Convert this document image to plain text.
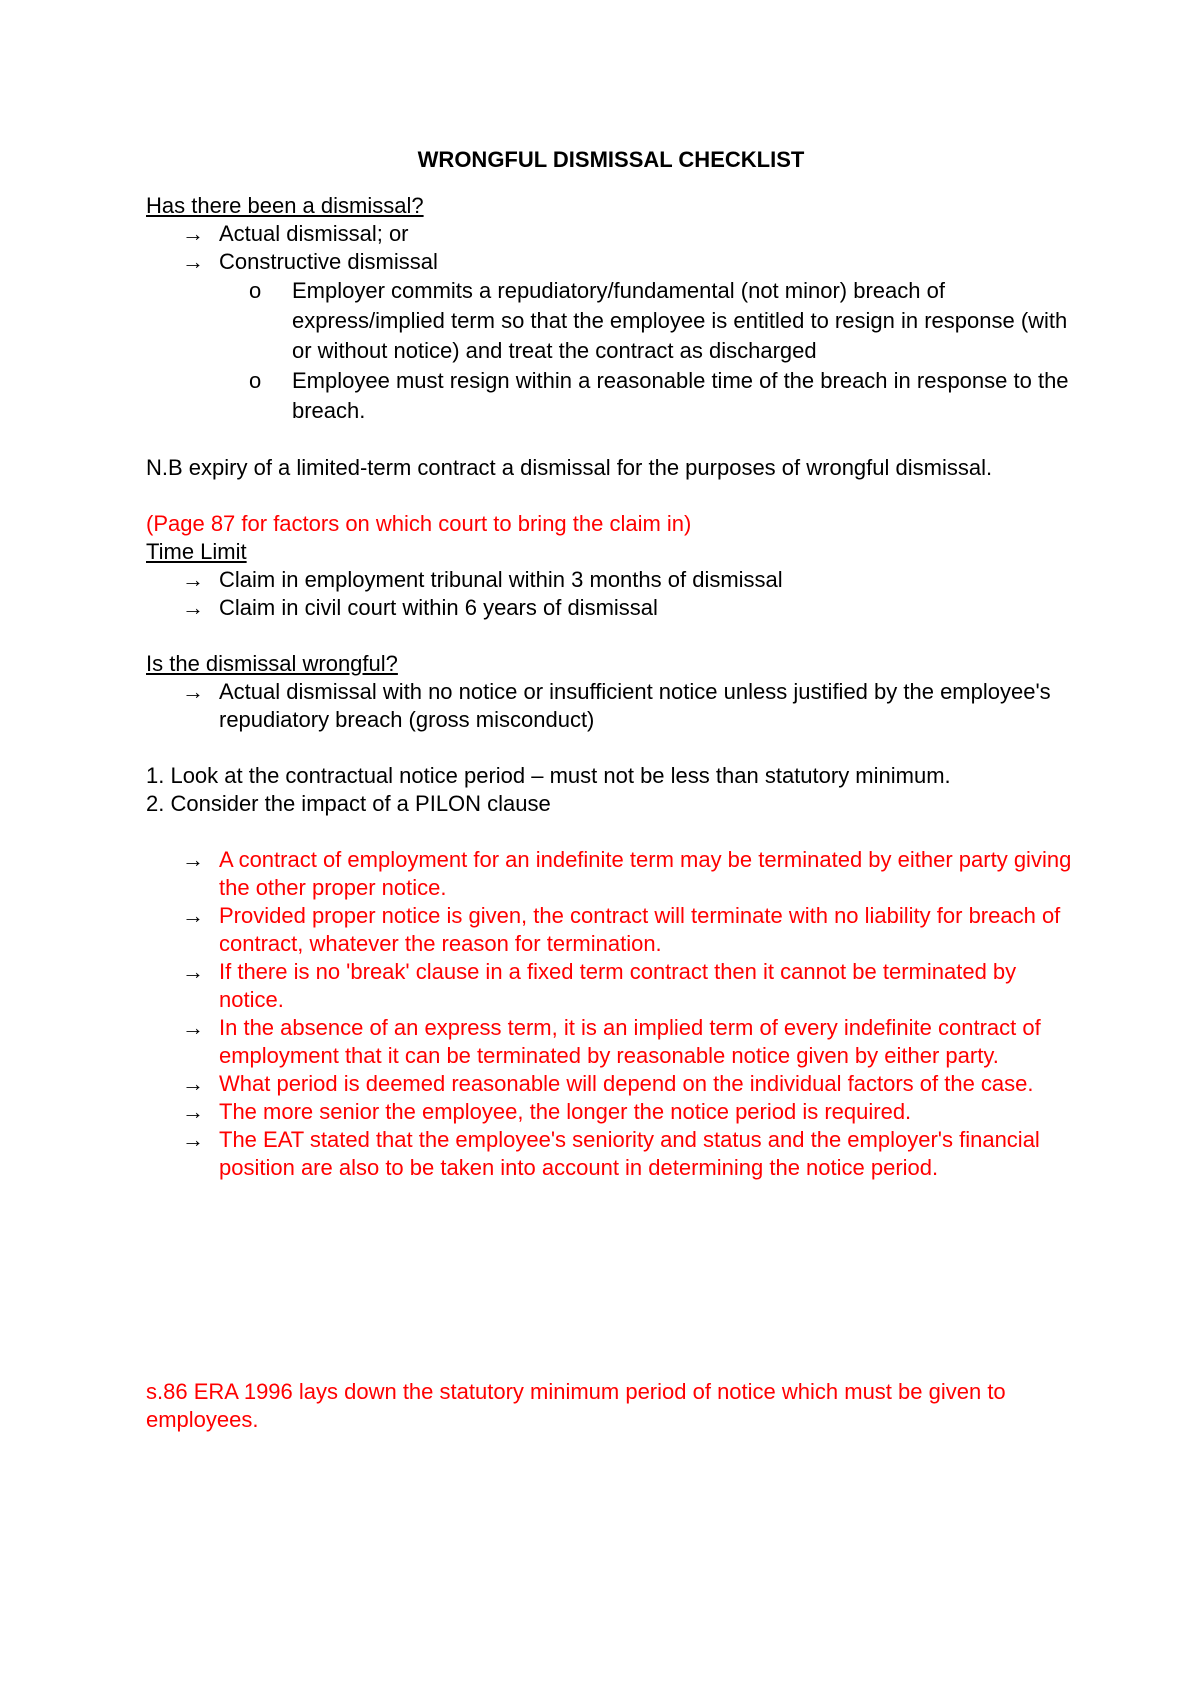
WRONGFUL DISMISSAL CHECKLIST
Has there been a dismissal?
→ Actual dismissal; or
→ Constructive dismissal
o Employer commits a repudiatory/fundamental (not minor) breach of express/implied term so that the employee is entitled to resign in response (with or without notice) and treat the contract as discharged
o Employee must resign within a reasonable time of the breach in response to the breach.

N.B expiry of a limited-term contract a dismissal for the purposes of wrongful dismissal.

(Page 87 for factors on which court to bring the claim in)

Time Limit
→ Claim in employment tribunal within 3 months of dismissal
→ Claim in civil court within 6 years of dismissal
Is the dismissal wrongful?
→ Actual dismissal with no notice or insufficient notice unless justified by the employee's repudiatory breach (gross misconduct)

1. Look at the contractual notice period – must not be less than statutory minimum.

2. Consider the impact of a PILON clause

→ A contract of employment for an indefinite term may be terminated by either party giving the other proper notice.
→ Provided proper notice is given, the contract will terminate with no liability for breach of contract, whatever the reason for termination.
→ If there is no 'break' clause in a fixed term contract then it cannot be terminated by notice.
→ In the absence of an express term, it is an implied term of every indefinite contract of employment that it can be terminated by reasonable notice given by either party.
→ What period is deemed reasonable will depend on the individual factors of the case.
→ The more senior the employee, the longer the notice period is required.
→ The EAT stated that the employee's seniority and status and the employer's financial position are also to be taken into account in determining the notice period.

s.86 ERA 1996 lays down the statutory minimum period of notice which must be given to employees.
